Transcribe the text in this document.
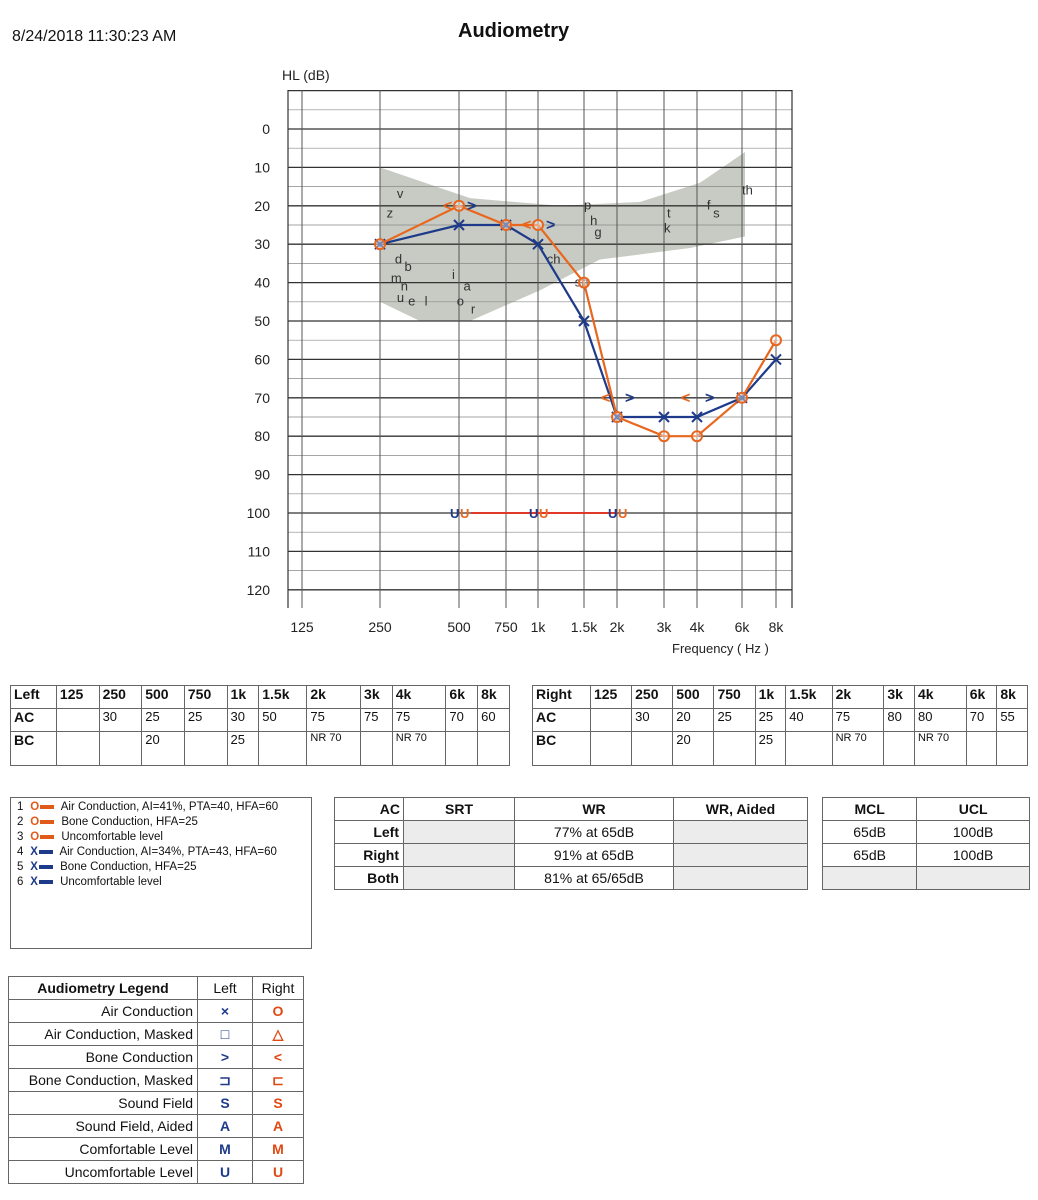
8/24/2018 11:30:23 AM	Audiometry
HL (dB)
0
10
20
30
40
50
60
70
80
90
100
110
120
125	250	500 750 1k 1.5k 2k 3k 4k 6k 8k
Frequency ( Hz )
v
z
d
b
m
n
u e l
i
a
o
r
ch
sh
p
h
g	k
t
f
s
th
<
<
<	<
>
>
>	>
U	U	U
U	U	U
Left	125	250	500	750	1k	1.5k	2k	3k	4k	6k	8k
AC		30	25	25	30	50	75	75	75	70	60
BC			20		25		NR 70		NR 70		
Right	125	250	500	750	1k	1.5k	2k	3k	4k	6k	8k
AC		30	20	25	25	40	75	80	80	70	55
BC			20		25		NR 70		NR 70		
1 O Air Conduction, AI=41%, PTA=40, HFA=60
2 O Bone Conduction, HFA=25
3 O Uncomfortable level
4 X Air Conduction, AI=34%, PTA=43, HFA=60
5 X Bone Conduction, HFA=25
6 X Uncomfortable level
AC	SRT	WR	WR, Aided
Left		77% at 65dB	
Right		91% at 65dB	
Both		81% at 65/65dB	
MCL	UCL
65dB	100dB
65dB	100dB

Audiometry Legend	Left	Right
Air Conduction	×	O
Air Conduction, Masked	□	△
Bone Conduction	>	<
Bone Conduction, Masked	⊐	⊏
Sound Field	S	S
Sound Field, Aided	A	A
Comfortable Level	M	M
Uncomfortable Level	U	U
